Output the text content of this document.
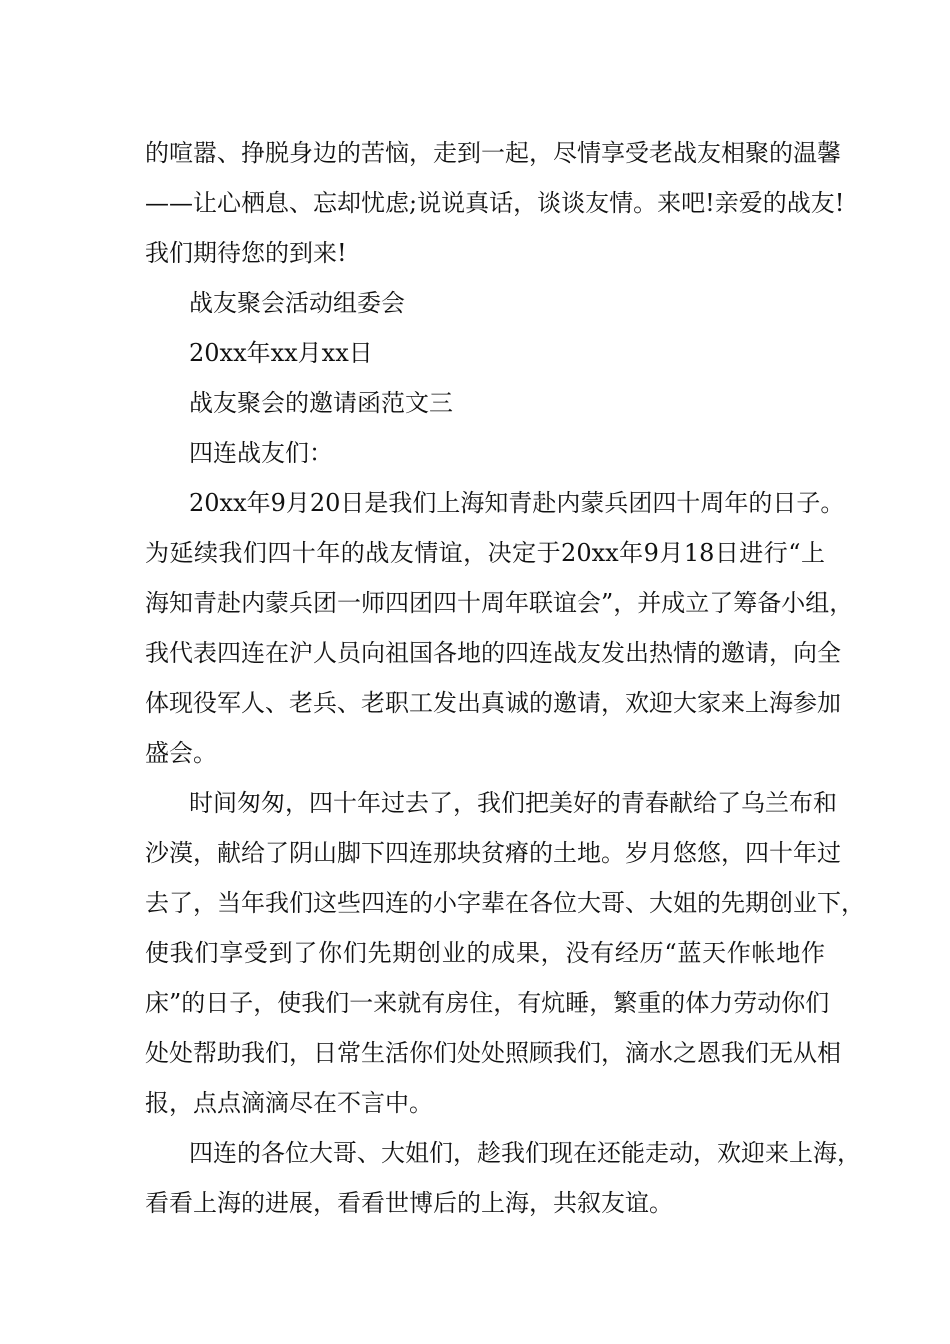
的喧嚣、挣脱身边的苦恼，走到一起，尽情享受老战友相聚的温馨
——让心栖息、忘却忧虑;说说真话，谈谈友情。来吧!亲爱的战友!
我们期待您的到来!
战友聚会活动组委会
20xx年xx月xx日
战友聚会的邀请函范文三
四连战友们：
20xx年9月20日是我们上海知青赴内蒙兵团四十周年的日子。
为延续我们四十年的战友情谊，决定于20xx年9月18日进行“上
海知青赴内蒙兵团一师四团四十周年联谊会”，并成立了筹备小组，
我代表四连在沪人员向祖国各地的四连战友发出热情的邀请，向全
体现役军人、老兵、老职工发出真诚的邀请，欢迎大家来上海参加
盛会。
时间匆匆，四十年过去了，我们把美好的青春献给了乌兰布和
沙漠，献给了阴山脚下四连那块贫瘠的土地。岁月悠悠，四十年过
去了，当年我们这些四连的小字辈在各位大哥、大姐的先期创业下，
使我们享受到了你们先期创业的成果，没有经历“蓝天作帐地作
床”的日子，使我们一来就有房住，有炕睡，繁重的体力劳动你们
处处帮助我们，日常生活你们处处照顾我们，滴水之恩我们无从相
报，点点滴滴尽在不言中。
四连的各位大哥、大姐们，趁我们现在还能走动，欢迎来上海，
看看上海的进展，看看世博后的上海，共叙友谊。
